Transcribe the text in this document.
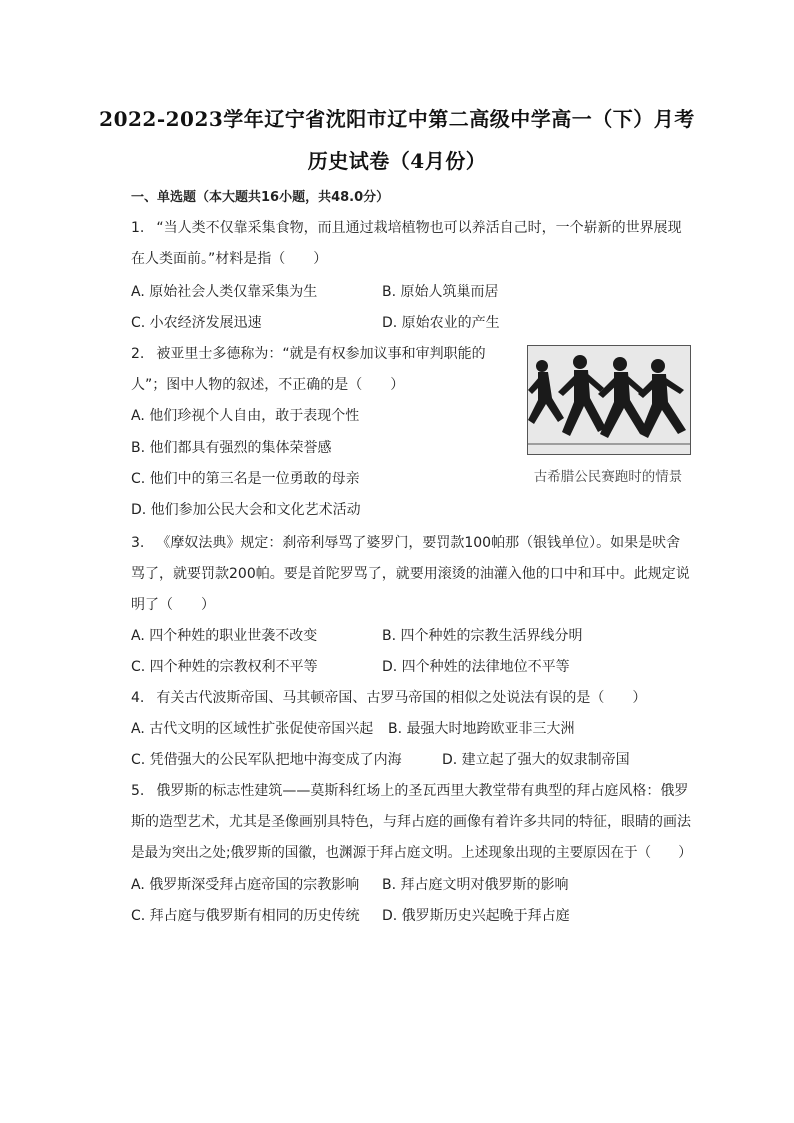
2022-2023学年辽宁省沈阳市辽中第二高级中学高一（下）月考
历史试卷（4月份）
一、单选题（本大题共16小题，共48.0分）
1. “当人类不仅靠采集食物，而且通过栽培植物也可以养活自己时，一个崭新的世界展现
在人类面前。”材料是指（　　）
A. 原始社会人类仅靠采集为生	B. 原始人筑巢而居
C. 小农经济发展迅速	D. 原始农业的产生
2. 被亚里士多德称为：“就是有权参加议事和审判职能的
人”；图中人物的叙述，不正确的是（　　）
A. 他们珍视个人自由，敢于表现个性
B. 他们都具有强烈的集体荣誉感
C. 他们中的第三名是一位勇敢的母亲
D. 他们参加公民大会和文化艺术活动
古希腊公民赛跑时的情景
3. 《摩奴法典》规定：刹帝利辱骂了婆罗门，要罚款100帕那（银钱单位）。如果是吠舍
骂了，就要罚款200帕。要是首陀罗骂了，就要用滚烫的油灌入他的口中和耳中。此规定说
明了（　　）
A. 四个种姓的职业世袭不改变	B. 四个种姓的宗教生活界线分明
C. 四个种姓的宗教权利不平等	D. 四个种姓的法律地位不平等
4. 有关古代波斯帝国、马其顿帝国、古罗马帝国的相似之处说法有误的是（　　）
A. 古代文明的区域性扩张促使帝国兴起 B. 最强大时地跨欧亚非三大洲
C. 凭借强大的公民军队把地中海变成了内海	D. 建立起了强大的奴隶制帝国
5. 俄罗斯的标志性建筑——莫斯科红场上的圣瓦西里大教堂带有典型的拜占庭风格：俄罗
斯的造型艺术，尤其是圣像画别具特色，与拜占庭的画像有着许多共同的特征，眼睛的画法
是最为突出之处;俄罗斯的国徽，也渊源于拜占庭文明。上述现象出现的主要原因在于（　　）
A. 俄罗斯深受拜占庭帝国的宗教影响 B. 拜占庭文明对俄罗斯的影响
C. 拜占庭与俄罗斯有相同的历史传统 D. 俄罗斯历史兴起晚于拜占庭
